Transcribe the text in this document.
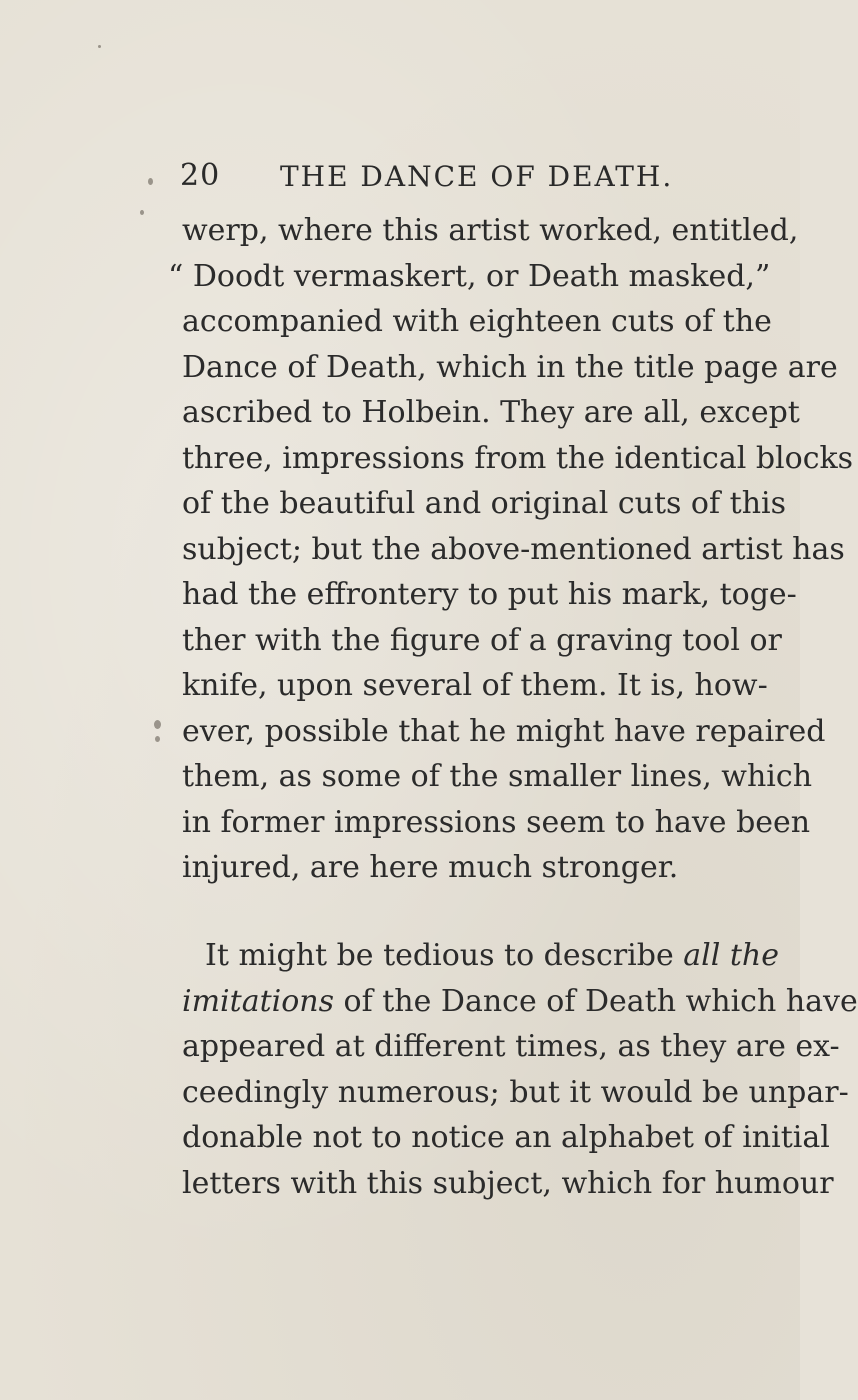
20 THE DANCE OF DEATH.
werp, where this artist worked, entitled,
“ Doodt vermaskert, or Death masked,”
accompanied with eighteen cuts of the
Dance of Death, which in the title page are
ascribed to Holbein. They are all, except
three, impressions from the identical blocks
of the beautiful and original cuts of this
subject; but the above-mentioned artist has
had the effrontery to put his mark, toge-
ther with the figure of a graving tool or
knife, upon several of them. It is, how-
ever, possible that he might have repaired
them, as some of the smaller lines, which
in former impressions seem to have been
injured, are here much stronger.
It might be tedious to describe all the
imitations of the Dance of Death which have
appeared at different times, as they are ex-
ceedingly numerous; but it would be unpar-
donable not to notice an alphabet of initial
letters with this subject, which for humour
